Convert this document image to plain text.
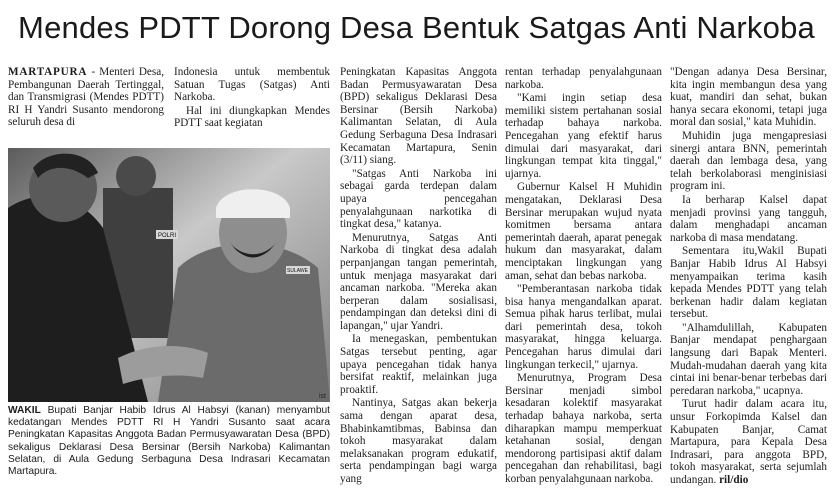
Mendes PDTT Dorong Desa Bentuk Satgas Anti Narkoba

MARTAPURA - Menteri Desa, Pembangunan Daerah Tertinggal, dan Transmigrasi (Mendes PDTT) RI H Yandri Susanto mendorong seluruh desa di

Indonesia untuk membentuk Satuan Tugas (Satgas) Anti Narkoba.

Hal ini diungkapkan Mendes PDTT saat kegiatan

POLRI
SULAWE
ist
WAKIL Bupati Banjar Habib Idrus Al Habsyi (kanan) menyambut kedatangan Mendes PDTT RI H Yandri Susanto saat acara Peningkatan Kapasitas Anggota Badan Permusyawaratan Desa (BPD) sekaligus Deklarasi Desa Bersinar (Bersih Narkoba) Kalimantan Selatan, di Aula Gedung Serbaguna Desa Indrasari Kecamatan Martapura.

Peningkatan Kapasitas Anggota Badan Permusyawaratan Desa (BPD) sekaligus Deklarasi Desa Bersinar (Bersih Narkoba) Kalimantan Selatan, di Aula Gedung Serbaguna Desa Indrasari Kecamatan Martapura, Senin (3/11) siang.

"Satgas Anti Narkoba ini sebagai garda terdepan dalam upaya pencegahan penyalahgunaan narkotika di tingkat desa," katanya.

Menurutnya, Satgas Anti Narkoba di tingkat desa adalah perpanjangan tangan pemerintah, untuk menjaga masyarakat dari ancaman narkoba. "Mereka akan berperan dalam sosialisasi, pendampingan dan deteksi dini di lapangan," ujar Yandri.

Ia menegaskan, pembentukan Satgas tersebut penting, agar upaya pencegahan tidak hanya bersifat reaktif, melainkan juga proaktif.

Nantinya, Satgas akan bekerja sama dengan aparat desa, Bhabinkamtibmas, Babinsa dan tokoh masyarakat dalam melaksanakan program edukatif, serta pendampingan bagi warga yang

rentan terhadap penyalahgunaan narkoba.

"Kami ingin setiap desa memiliki sistem pertahanan sosial terhadap bahaya narkoba. Pencegahan yang efektif harus dimulai dari masyarakat, dari lingkungan tempat kita tinggal," ujarnya.

Gubernur Kalsel H Muhidin mengatakan, Deklarasi Desa Bersinar merupakan wujud nyata komitmen bersama antara pemerintah daerah, aparat penegak hukum dan masyarakat, dalam menciptakan lingkungan yang aman, sehat dan bebas narkoba.

"Pemberantasan narkoba tidak bisa hanya mengandalkan aparat. Semua pihak harus terlibat, mulai dari pemerintah desa, tokoh masyarakat, hingga keluarga. Pencegahan harus dimulai dari lingkungan terkecil," ujarnya.

Menurutnya, Program Desa Bersinar menjadi simbol kesadaran kolektif masyarakat terhadap bahaya narkoba, serta diharapkan mampu memperkuat ketahanan sosial, dengan mendorong partisipasi aktif dalam pencegahan dan rehabilitasi, bagi korban penyalahgunaan narkoba.

"Dengan adanya Desa Bersinar, kita ingin membangun desa yang kuat, mandiri dan sehat, bukan hanya secara ekonomi, tetapi juga moral dan sosial," kata Muhidin.

Muhidin juga mengapresiasi sinergi antara BNN, pemerintah daerah dan lembaga desa, yang telah berkolaborasi menginisiasi program ini.

Ia berharap Kalsel dapat menjadi provinsi yang tangguh, dalam menghadapi ancaman narkoba di masa mendatang.

Sementara itu,Wakil Bupati Banjar Habib Idrus Al Habsyi menyampaikan terima kasih kepada Mendes PDTT yang telah berkenan hadir dalam kegiatan tersebut.

"Alhamdulillah, Kabupaten Banjar mendapat penghargaan langsung dari Bapak Menteri. Mudah-mudahan daerah yang kita cintai ini benar-benar terbebas dari peredaran narkoba," ucapnya.

Turut hadir dalam acara itu, unsur Forkopimda Kalsel dan Kabupaten Banjar, Camat Martapura, para Kepala Desa Indrasari, para anggota BPD, tokoh masyarakat, serta sejumlah undangan. ril/dio
